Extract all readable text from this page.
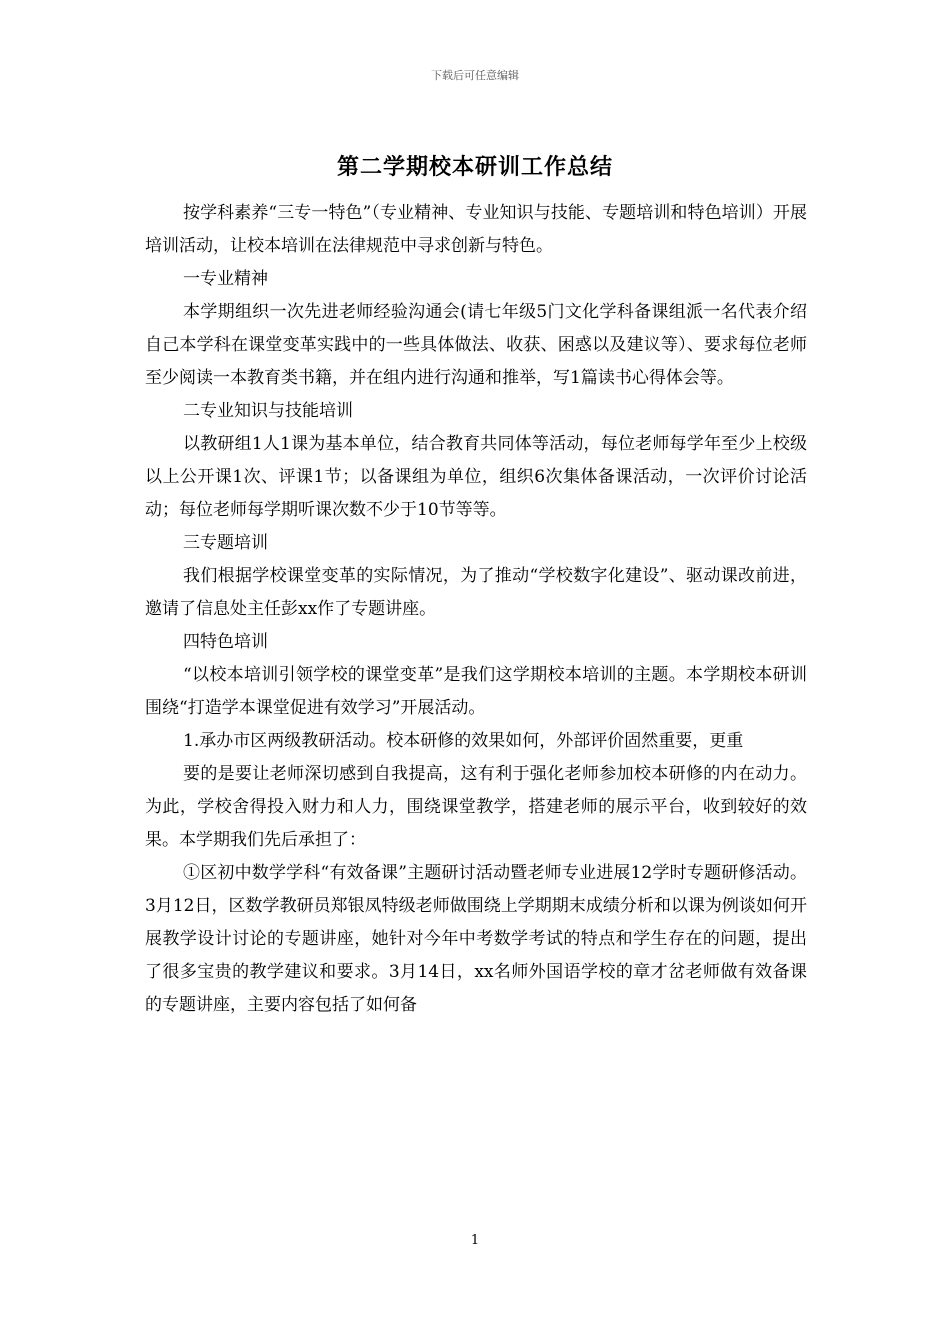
下载后可任意编辑
第二学期校本研训工作总结

按学科素养“三专一特色”（专业精神、专业知识与技能、专题培训和特色培训）开展培训活动，让校本培训在法律规范中寻求创新与特色。

一专业精神

本学期组织一次先进老师经验沟通会(请七年级5门文化学科备课组派一名代表介绍自己本学科在课堂变革实践中的一些具体做法、收获、困惑以及建议等）、要求每位老师至少阅读一本教育类书籍，并在组内进行沟通和推举，写1篇读书心得体会等。

二专业知识与技能培训

以教研组1人1课为基本单位，结合教育共同体等活动，每位老师每学年至少上校级以上公开课1次、评课1节；以备课组为单位，组织6次集体备课活动，一次评价讨论活动；每位老师每学期听课次数不少于10节等等。

三专题培训

我们根据学校课堂变革的实际情况，为了推动“学校数字化建设”、驱动课改前进，邀请了信息处主任彭xx作了专题讲座。

四特色培训

“以校本培训引领学校的课堂变革”是我们这学期校本培训的主题。本学期校本研训围绕“打造学本课堂促进有效学习”开展活动。

1.承办市区两级教研活动。校本研修的效果如何，外部评价固然重要，更重

要的是要让老师深切感到自我提高，这有利于强化老师参加校本研修的内在动力。为此，学校舍得投入财力和人力，围绕课堂教学，搭建老师的展示平台，收到较好的效果。本学期我们先后承担了：

①区初中数学学科“有效备课”主题研讨活动暨老师专业进展12学时专题研修活动。3月12日，区数学教研员郑银凤特级老师做围绕上学期期末成绩分析和以课为例谈如何开展教学设计讨论的专题讲座，她针对今年中考数学考试的特点和学生存在的问题，提出了很多宝贵的教学建议和要求。3月14日，xx名师外国语学校的章才岔老师做有效备课的专题讲座，主要内容包括了如何备

1
